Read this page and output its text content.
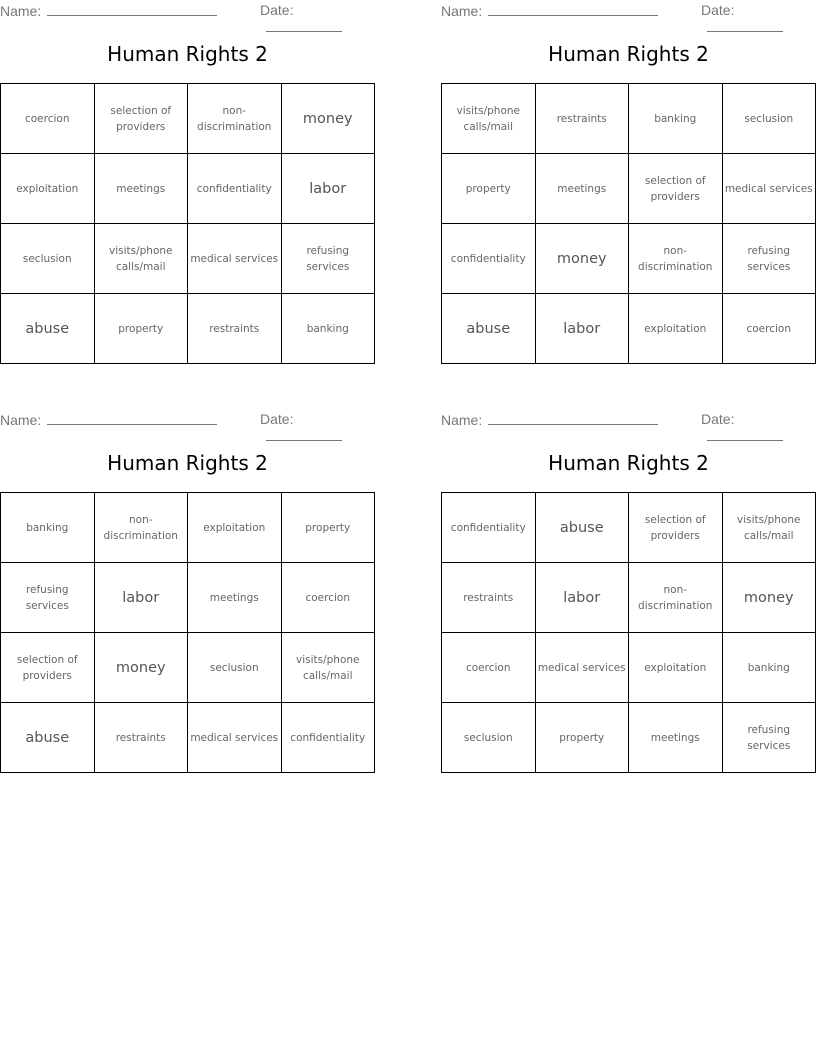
Name:	Date:
Human Rights 2
coercion	selection of providers	non-discrimination	money
exploitation	meetings	confidentiality	labor
seclusion	visits/phone calls/mail	medical services	refusing services
abuse	property	restraints	banking
Name:	Date:
Human Rights 2
visits/phone calls/mail	restraints	banking	seclusion
property	meetings	selection of providers	medical services
confidentiality	money	non-discrimination	refusing services
abuse	labor	exploitation	coercion
Name:	Date:
Human Rights 2
banking	non-discrimination	exploitation	property
refusing services	labor	meetings	coercion
selection of providers	money	seclusion	visits/phone calls/mail
abuse	restraints	medical services	confidentiality
Name:	Date:
Human Rights 2
confidentiality	abuse	selection of providers	visits/phone calls/mail
restraints	labor	non-discrimination	money
coercion	medical services	exploitation	banking
seclusion	property	meetings	refusing services
